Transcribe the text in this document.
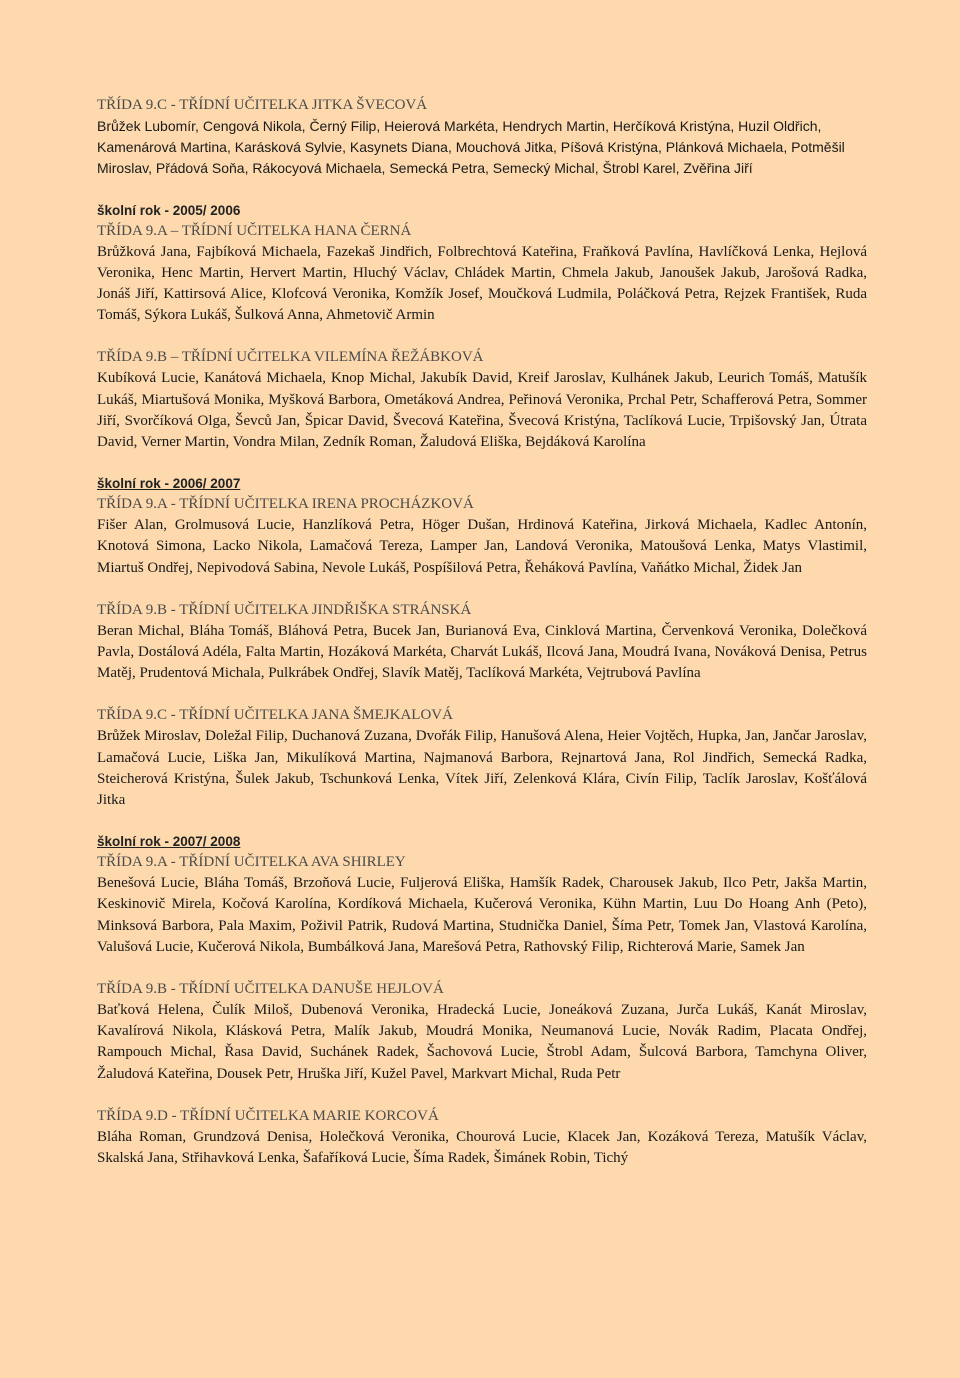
TŘÍDA 9.C - TŘÍDNÍ UČITELKA JITKA ŠVECOVÁ
Brůžek Lubomír, Cengová Nikola, Černý Filip, Heierová Markéta, Hendrych Martin, Herčíková Kristýna, Huzil Oldřich, Kamenárová Martina, Karásková Sylvie, Kasynets Diana, Mouchová Jitka, Píšová Kristýna, Plánková Michaela, Potměšil Miroslav, Přádová Soňa, Rákocyová Michaela, Semecká Petra, Semecký Michal, Štrobl Karel, Zvěřina Jiří
školní rok - 2005/ 2006
TŘÍDA 9.A – TŘÍDNÍ UČITELKA HANA ČERNÁ
Brůžková Jana, Fajbíková Michaela, Fazekaš Jindřich, Folbrechtová Kateřina, Fraňková Pavlína, Havlíčková Lenka, Hejlová Veronika, Henc Martin, Hervert Martin, Hluchý Václav, Chládek Martin, Chmela Jakub, Janoušek Jakub, Jarošová Radka, Jonáš Jiří, Kattirsová Alice, Klofcová Veronika, Komžík Josef, Moučková Ludmila, Poláčková Petra, Rejzek František, Ruda Tomáš, Sýkora Lukáš, Šulková Anna, Ahmetovič Armin
TŘÍDA 9.B – TŘÍDNÍ UČITELKA VILEMÍNA ŘEŽÁBKOVÁ
Kubíková Lucie, Kanátová Michaela, Knop Michal, Jakubík David, Kreif Jaroslav, Kulhánek Jakub, Leurich Tomáš, Matušík Lukáš, Miartušová Monika, Myšková Barbora, Ometáková Andrea, Peřinová Veronika, Prchal Petr, Schafferová Petra, Sommer Jiří, Svorčíková Olga, Ševců Jan, Špicar David, Švecová Kateřina, Švecová Kristýna, Taclíková Lucie, Trpišovský Jan, Útrata David, Verner Martin, Vondra Milan, Zedník Roman, Žaludová Eliška, Bejdáková Karolína
školní rok - 2006/ 2007
TŘÍDA 9.A - TŘÍDNÍ UČITELKA IRENA PROCHÁZKOVÁ
Fišer Alan, Grolmusová Lucie, Hanzlíková Petra, Höger Dušan, Hrdinová Kateřina, Jirková Michaela, Kadlec Antonín, Knotová Simona, Lacko Nikola, Lamačová Tereza, Lamper Jan, Landová Veronika, Matoušová Lenka, Matys Vlastimil, Miartuš Ondřej, Nepivodová Sabina, Nevole Lukáš, Pospíšilová Petra, Řeháková Pavlína, Vaňátko Michal, Židek Jan
TŘÍDA 9.B - TŘÍDNÍ UČITELKA JINDŘIŠKA STRÁNSKÁ
Beran Michal, Bláha Tomáš, Bláhová Petra, Bucek Jan, Burianová Eva, Cinklová Martina, Červenková Veronika, Dolečková Pavla, Dostálová Adéla, Falta Martin, Hozáková Markéta, Charvát Lukáš, Ilcová Jana, Moudrá Ivana, Nováková Denisa, Petrus Matěj, Prudentová Michala, Pulkrábek Ondřej, Slavík Matěj, Taclíková Markéta, Vejtrubová Pavlína
TŘÍDA 9.C - TŘÍDNÍ UČITELKA JANA ŠMEJKALOVÁ
Brůžek Miroslav, Doležal Filip, Duchanová Zuzana, Dvořák Filip, Hanušová Alena, Heier Vojtěch, Hupka, Jan, Jančar Jaroslav, Lamačová Lucie, Liška Jan, Mikulíková Martina, Najmanová Barbora, Rejnartová Jana, Rol Jindřich, Semecká Radka, Steicherová Kristýna, Šulek Jakub, Tschunková Lenka, Vítek Jiří, Zelenková Klára, Civín Filip, Taclík Jaroslav, Košťálová Jitka
školní rok - 2007/ 2008
TŘÍDA 9.A - TŘÍDNÍ UČITELKA AVA SHIRLEY
Benešová Lucie, Bláha Tomáš, Brzoňová Lucie, Fuljerová Eliška, Hamšík Radek, Charousek Jakub, Ilco Petr, Jakša Martin, Keskinovič Mirela, Kočová Karolína, Kordíková Michaela, Kučerová Veronika, Kühn Martin, Luu Do Hoang Anh (Peto), Minksová Barbora, Pala Maxim, Poživil Patrik, Rudová Martina, Studnička Daniel, Šíma Petr, Tomek Jan, Vlastová Karolína, Valušová Lucie, Kučerová Nikola, Bumbálková Jana, Marešová Petra, Rathovský Filip, Richterová Marie, Samek Jan
TŘÍDA 9.B - TŘÍDNÍ UČITELKA DANUŠE HEJLOVÁ
Baťková Helena, Čulík Miloš, Dubenová Veronika, Hradecká Lucie, Joneáková Zuzana, Jurča Lukáš, Kanát Miroslav, Kavalírová Nikola, Klásková Petra, Malík Jakub, Moudrá Monika, Neumanová Lucie, Novák Radim, Placata Ondřej, Rampouch Michal, Řasa David, Suchánek Radek, Šachovová Lucie, Štrobl Adam, Šulcová Barbora, Tamchyna Oliver, Žaludová Kateřina, Dousek Petr, Hruška Jiří, Kužel Pavel, Markvart Michal, Ruda Petr
TŘÍDA 9.D - TŘÍDNÍ UČITELKA MARIE KORCOVÁ
Bláha Roman, Grundzová Denisa, Holečková Veronika, Chourová Lucie, Klacek Jan, Kozáková Tereza, Matušík Václav, Skalská Jana, Střihavková Lenka, Šafaříková Lucie, Šíma Radek, Šimánek Robin, Tichý
